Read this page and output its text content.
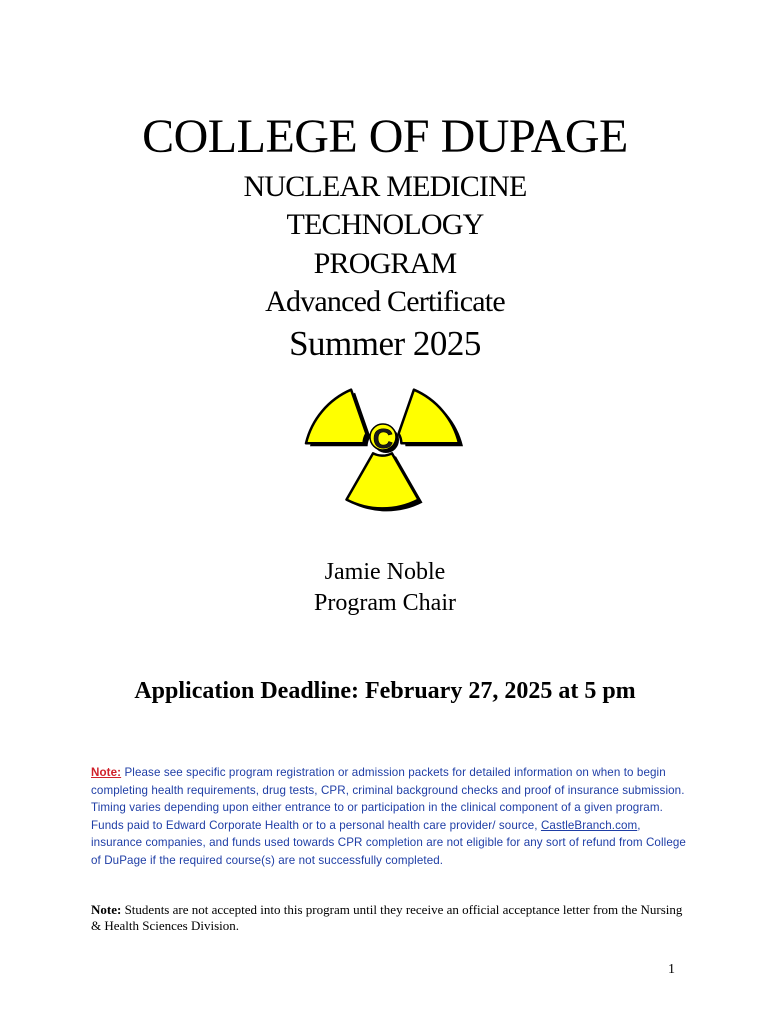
COLLEGE OF DUPAGE
NUCLEAR MEDICINE
TECHNOLOGY
PROGRAM
Advanced Certificate
Summer 2025
C
Jamie Noble
Program Chair
Application Deadline: February 27, 2025 at 5 pm
Note: Please see specific program registration or admission packets for detailed information on when to begin completing health requirements, drug tests, CPR, criminal background checks and proof of insurance submission. Timing varies depending upon either entrance to or participation in the clinical component of a given program. Funds paid to Edward Corporate Health or to a personal health care provider/ source, CastleBranch.com, insurance companies, and funds used towards CPR completion are not eligible for any sort of refund from College of DuPage if the required course(s) are not successfully completed.
Note: Students are not accepted into this program until they receive an official acceptance letter from the Nursing & Health Sciences Division.
1
